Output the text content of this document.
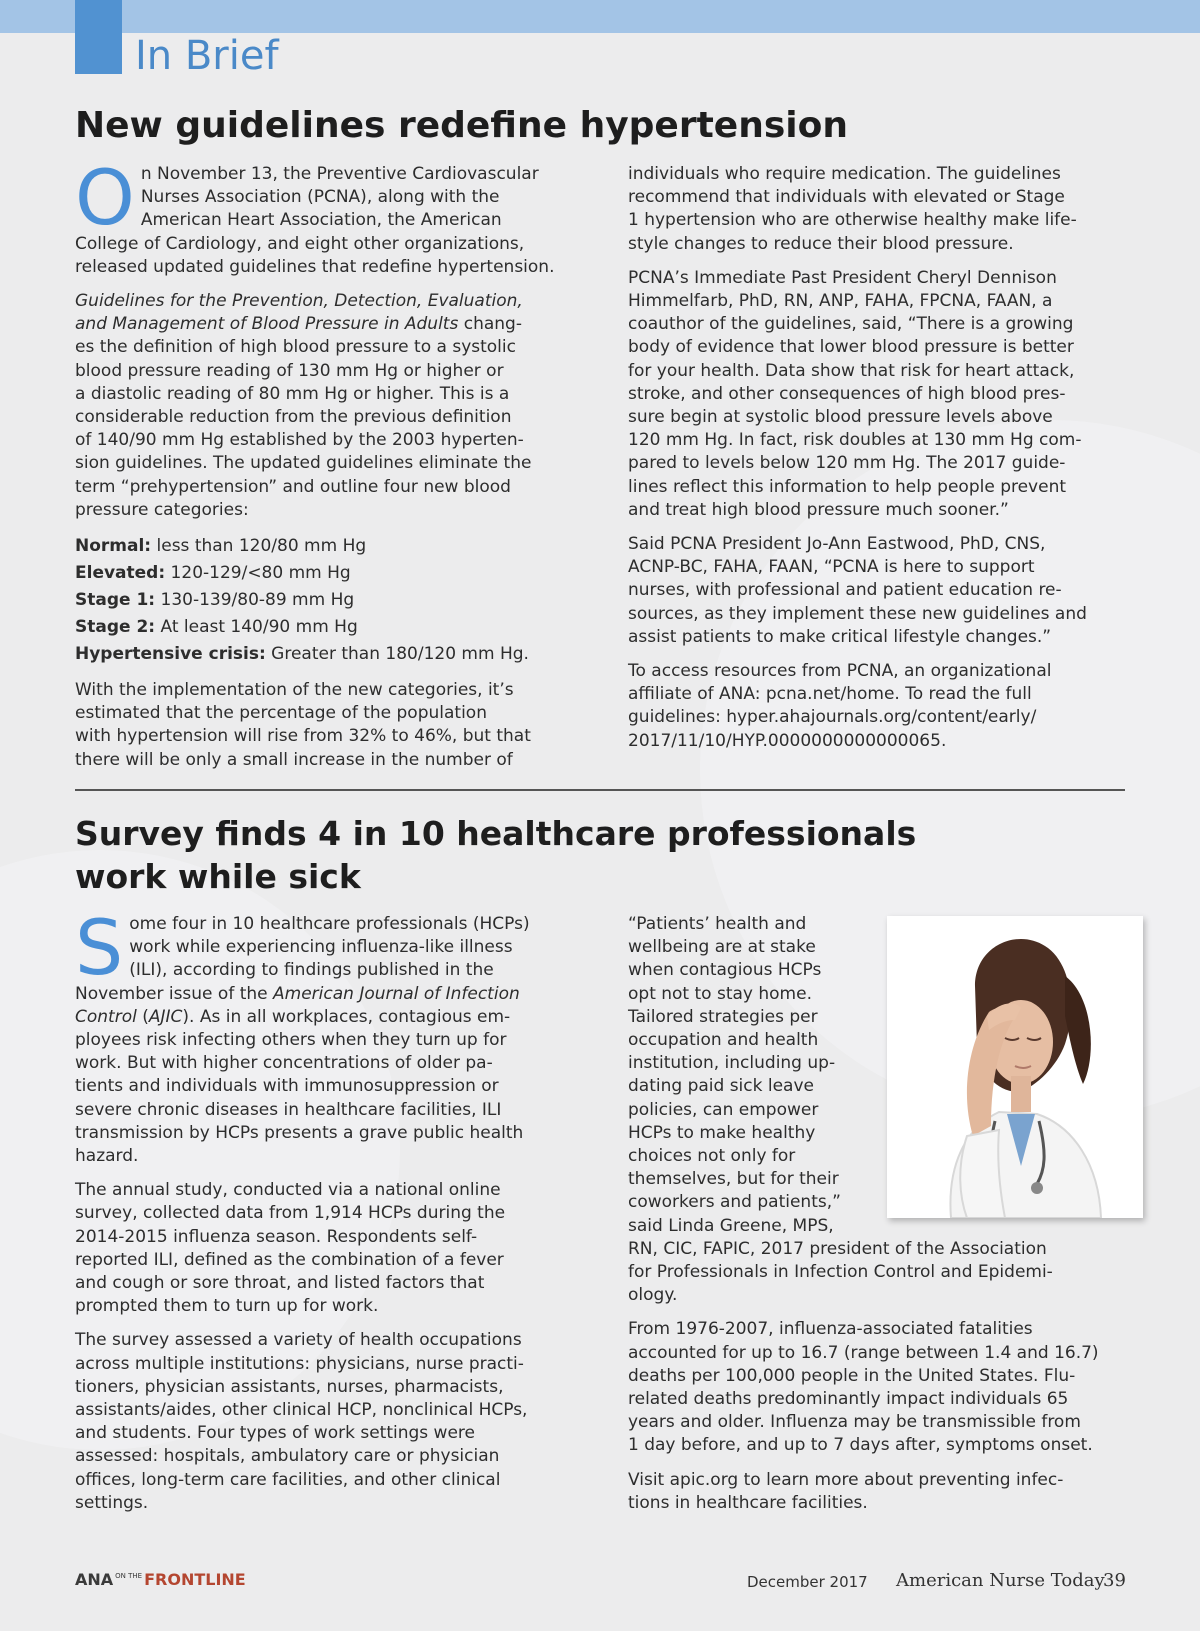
In Brief
New guidelines redefine hypertension

O n November 13, the Preventive Cardiovascular
Nurses Association (PCNA), along with the
American Heart Association, the American
College of Cardiology, and eight other organizations,
released updated guidelines that redefine hypertension.

Guidelines for the Prevention, Detection, Evaluation,
and Management of Blood Pressure in Adults chang-
es the definition of high blood pressure to a systolic
blood pressure reading of 130 mm Hg or higher or
a diastolic reading of 80 mm Hg or higher. This is a
considerable reduction from the previous definition
of 140/90 mm Hg established by the 2003 hyperten-
sion guidelines. The updated guidelines eliminate the
term “prehypertension” and outline four new blood
pressure categories:

Normal: less than 120/80 mm Hg
Elevated: 120-129/<80 mm Hg
Stage 1: 130-139/80-89 mm Hg
Stage 2: At least 140/90 mm Hg
Hypertensive crisis: Greater than 180/120 mm Hg.

With the implementation of the new categories, it’s
estimated that the percentage of the population
with hypertension will rise from 32% to 46%, but that
there will be only a small increase in the number of

individuals who require medication. The guidelines
recommend that individuals with elevated or Stage
1 hypertension who are otherwise healthy make life-
style changes to reduce their blood pressure.

PCNA’s Immediate Past President Cheryl Dennison
Himmelfarb, PhD, RN, ANP, FAHA, FPCNA, FAAN, a
coauthor of the guidelines, said, “There is a growing
body of evidence that lower blood pressure is better
for your health. Data show that risk for heart attack,
stroke, and other consequences of high blood pres-
sure begin at systolic blood pressure levels above
120 mm Hg. In fact, risk doubles at 130 mm Hg com-
pared to levels below 120 mm Hg. The 2017 guide-
lines reflect this information to help people prevent
and treat high blood pressure much sooner.”

Said PCNA President Jo-Ann Eastwood, PhD, CNS,
ACNP-BC, FAHA, FAAN, “PCNA is here to support
nurses, with professional and patient education re-
sources, as they implement these new guidelines and
assist patients to make critical lifestyle changes.”

To access resources from PCNA, an organizational
affiliate of ANA: pcna.net/home. To read the full
guidelines: hyper.ahajournals.org/content/early/
2017/11/10/HYP.0000000000000065.

Survey finds 4 in 10 healthcare professionals
work while sick

S ome four in 10 healthcare professionals (HCPs)
work while experiencing influenza-like illness
(ILI), according to findings published in the
November issue of the American Journal of Infection
Control (AJIC). As in all workplaces, contagious em-
ployees risk infecting others when they turn up for
work. But with higher concentrations of older pa-
tients and individuals with immunosuppression or
severe chronic diseases in healthcare facilities, ILI
transmission by HCPs presents a grave public health
hazard.

The annual study, conducted via a national online
survey, collected data from 1,914 HCPs during the
2014-2015 influenza season. Respondents self-
reported ILI, defined as the combination of a fever
and cough or sore throat, and listed factors that
prompted them to turn up for work.

The survey assessed a variety of health occupations
across multiple institutions: physicians, nurse practi-
tioners, physician assistants, nurses, pharmacists,
assistants/aides, other clinical HCP, nonclinical HCPs,
and students. Four types of work settings were
assessed: hospitals, ambulatory care or physician
offices, long-term care facilities, and other clinical
settings.

“Patients’ health and
wellbeing are at stake
when contagious HCPs
opt not to stay home.
Tailored strategies per
occupation and health
institution, including up-
dating paid sick leave
policies, can empower
HCPs to make healthy
choices not only for
themselves, but for their
coworkers and patients,”
said Linda Greene, MPS,
RN, CIC, FAPIC, 2017 president of the Association
for Professionals in Infection Control and Epidemi-
ology.

From 1976-2007, influenza-associated fatalities
accounted for up to 16.7 (range between 1.4 and 16.7)
deaths per 100,000 people in the United States. Flu-
related deaths predominantly impact individuals 65
years and older. Influenza may be transmissible from
1 day before, and up to 7 days after, symptoms onset.

Visit apic.org to learn more about preventing infec-
tions in healthcare facilities.

ANA $^{ON THE}$ FRONTLINE	December 2017 American Nurse Today
39
